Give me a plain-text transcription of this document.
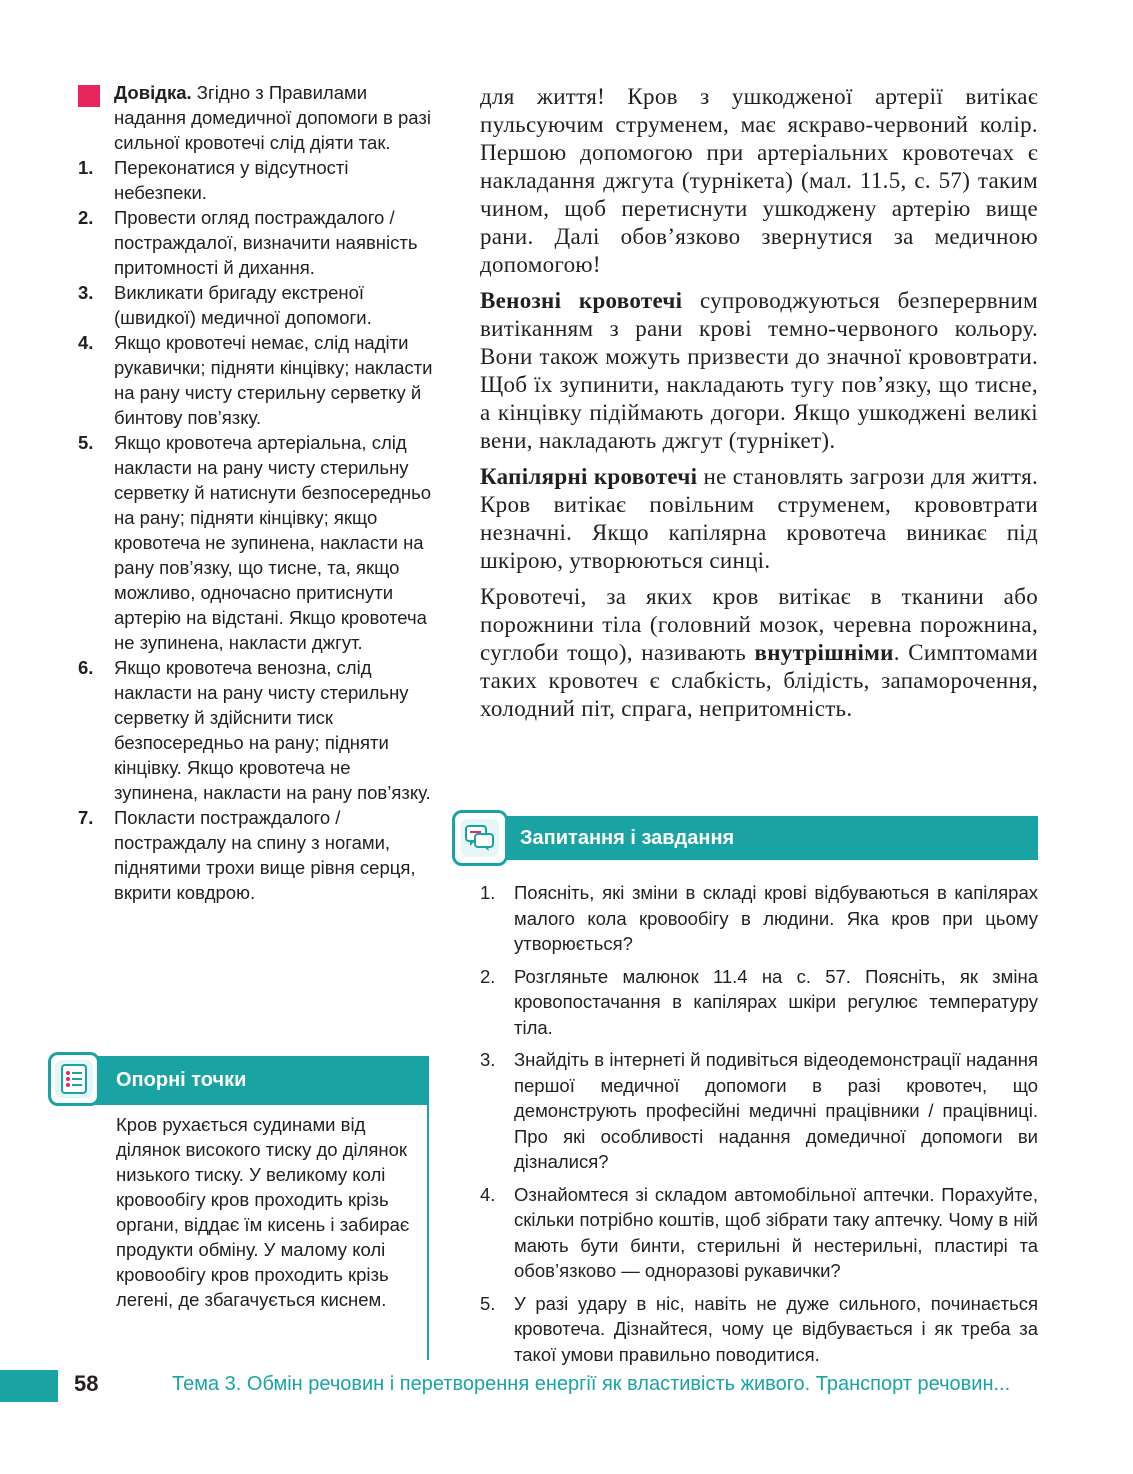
Довідка. Згідно з Правилами надання домедичної допомоги в разі сильної кровотечі слід діяти так.
1. Переконатися у відсутності небезпеки.
2. Провести огляд постраждалого / постраждалої, визначити наявність притомності й дихання.
3. Викликати бригаду екстреної (швидкої) медичної допомоги.
4. Якщо кровотечі немає, слід надіти рукавички; підняти кінцівку; накласти на рану чисту стерильну серветку й бинтову пов’язку.
5. Якщо кровотеча артеріальна, слід накласти на рану чисту стерильну серветку й натиснути безпосередньо на рану; підняти кінцівку; якщо кровотеча не зупинена, накласти на рану пов’язку, що тисне, та, якщо можливо, одночасно притиснути артерію на відстані. Якщо кровотеча не зупинена, накласти джгут.
6. Якщо кровотеча венозна, слід накласти на рану чисту стерильну серветку й здійснити тиск безпосередньо на рану; підняти кінцівку. Якщо кровотеча не зупинена, накласти на рану пов’язку.
7. Покласти постраждалого / постраждалу на спину з ногами, піднятими трохи вище рівня серця, вкрити ковдрою.
Опорні точки
Кров рухається судинами від ділянок високого тиску до ділянок низького тиску. У великому колі кровообігу кров проходить крізь органи, віддає їм кисень і забирає продукти обміну. У малому колі кровообігу кров проходить крізь легені, де збагачується киснем.

для життя! Кров з ушкодженої артерії витікає пульсуючим струменем, має яскраво-червоний колір. Першою допомогою при артеріальних кровотечах є накладання джгута (турнікета) (мал. 11.5, с. 57) таким чином, щоб перетиснути ушкоджену артерію вище рани. Далі обов’язково звернутися за медичною допомогою!

Венозні кровотечі супроводжуються безперервним витіканням з рани крові темно-червоного кольору. Вони також можуть призвести до значної крововтрати. Щоб їх зупинити, накладають тугу пов’язку, що тисне, а кінцівку підіймають догори. Якщо ушкоджені великі вени, накладають джгут (турнікет).

Капілярні кровотечі не становлять загрози для життя. Кров витікає повільним струменем, крововтрати незначні. Якщо капілярна кровотеча виникає під шкірою, утворюються синці.

Кровотечі, за яких кров витікає в тканини або порожнини тіла (головний мозок, черевна порожнина, суглоби тощо), називають внутрішніми. Симптомами таких кровотеч є слабкість, блідість, запаморочення, холодний піт, спрага, непритомність.

Запитання і завдання
1. Поясніть, які зміни в складі крові відбуваються в капілярах малого кола кровообігу в людини. Яка кров при цьому утворюється?
2. Розгляньте малюнок 11.4 на с. 57. Поясніть, як зміна кровопостачання в капілярах шкіри регулює температуру тіла.
3. Знайдіть в інтернеті й подивіться відеодемонстрації надання першої медичної допомоги в разі кровотеч, що демонструють професійні медичні працівники / працівниці. Про які особливості надання домедичної допомоги ви дізналися?
4. Ознайомтеся зі складом автомобільної аптечки. Порахуйте, скільки потрібно коштів, щоб зібрати таку аптечку. Чому в ній мають бути бинти, стерильні й нестерильні, пластирі та обов’язково — одноразові рукавички?
5. У разі удару в ніс, навіть не дуже сильного, починається кровотеча. Дізнайтеся, чому це відбувається і як треба за такої умови правильно поводитися.
58	Тема 3. Обмін речовин і перетворення енергії як властивість живого. Транспорт речовин...
